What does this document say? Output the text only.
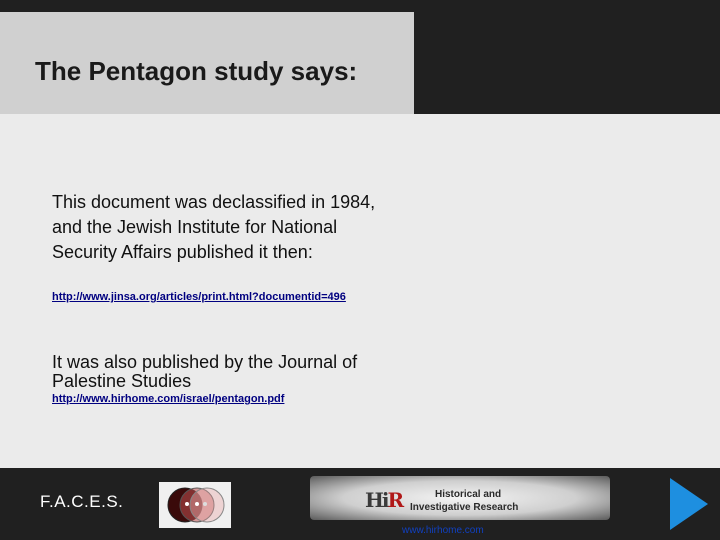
The Pentagon study says:
This document was declassified in 1984, and the Jewish Institute for National Security Affairs published it then:
http://www.jinsa.org/articles/print.html?documentid=496
It was also published by the Journal of Palestine Studies
http://www.hirhome.com/israel/pentagon.pdf
F.A.C.E.S.	HiR	Historical and
Investigative Research
www.hirhome.com
